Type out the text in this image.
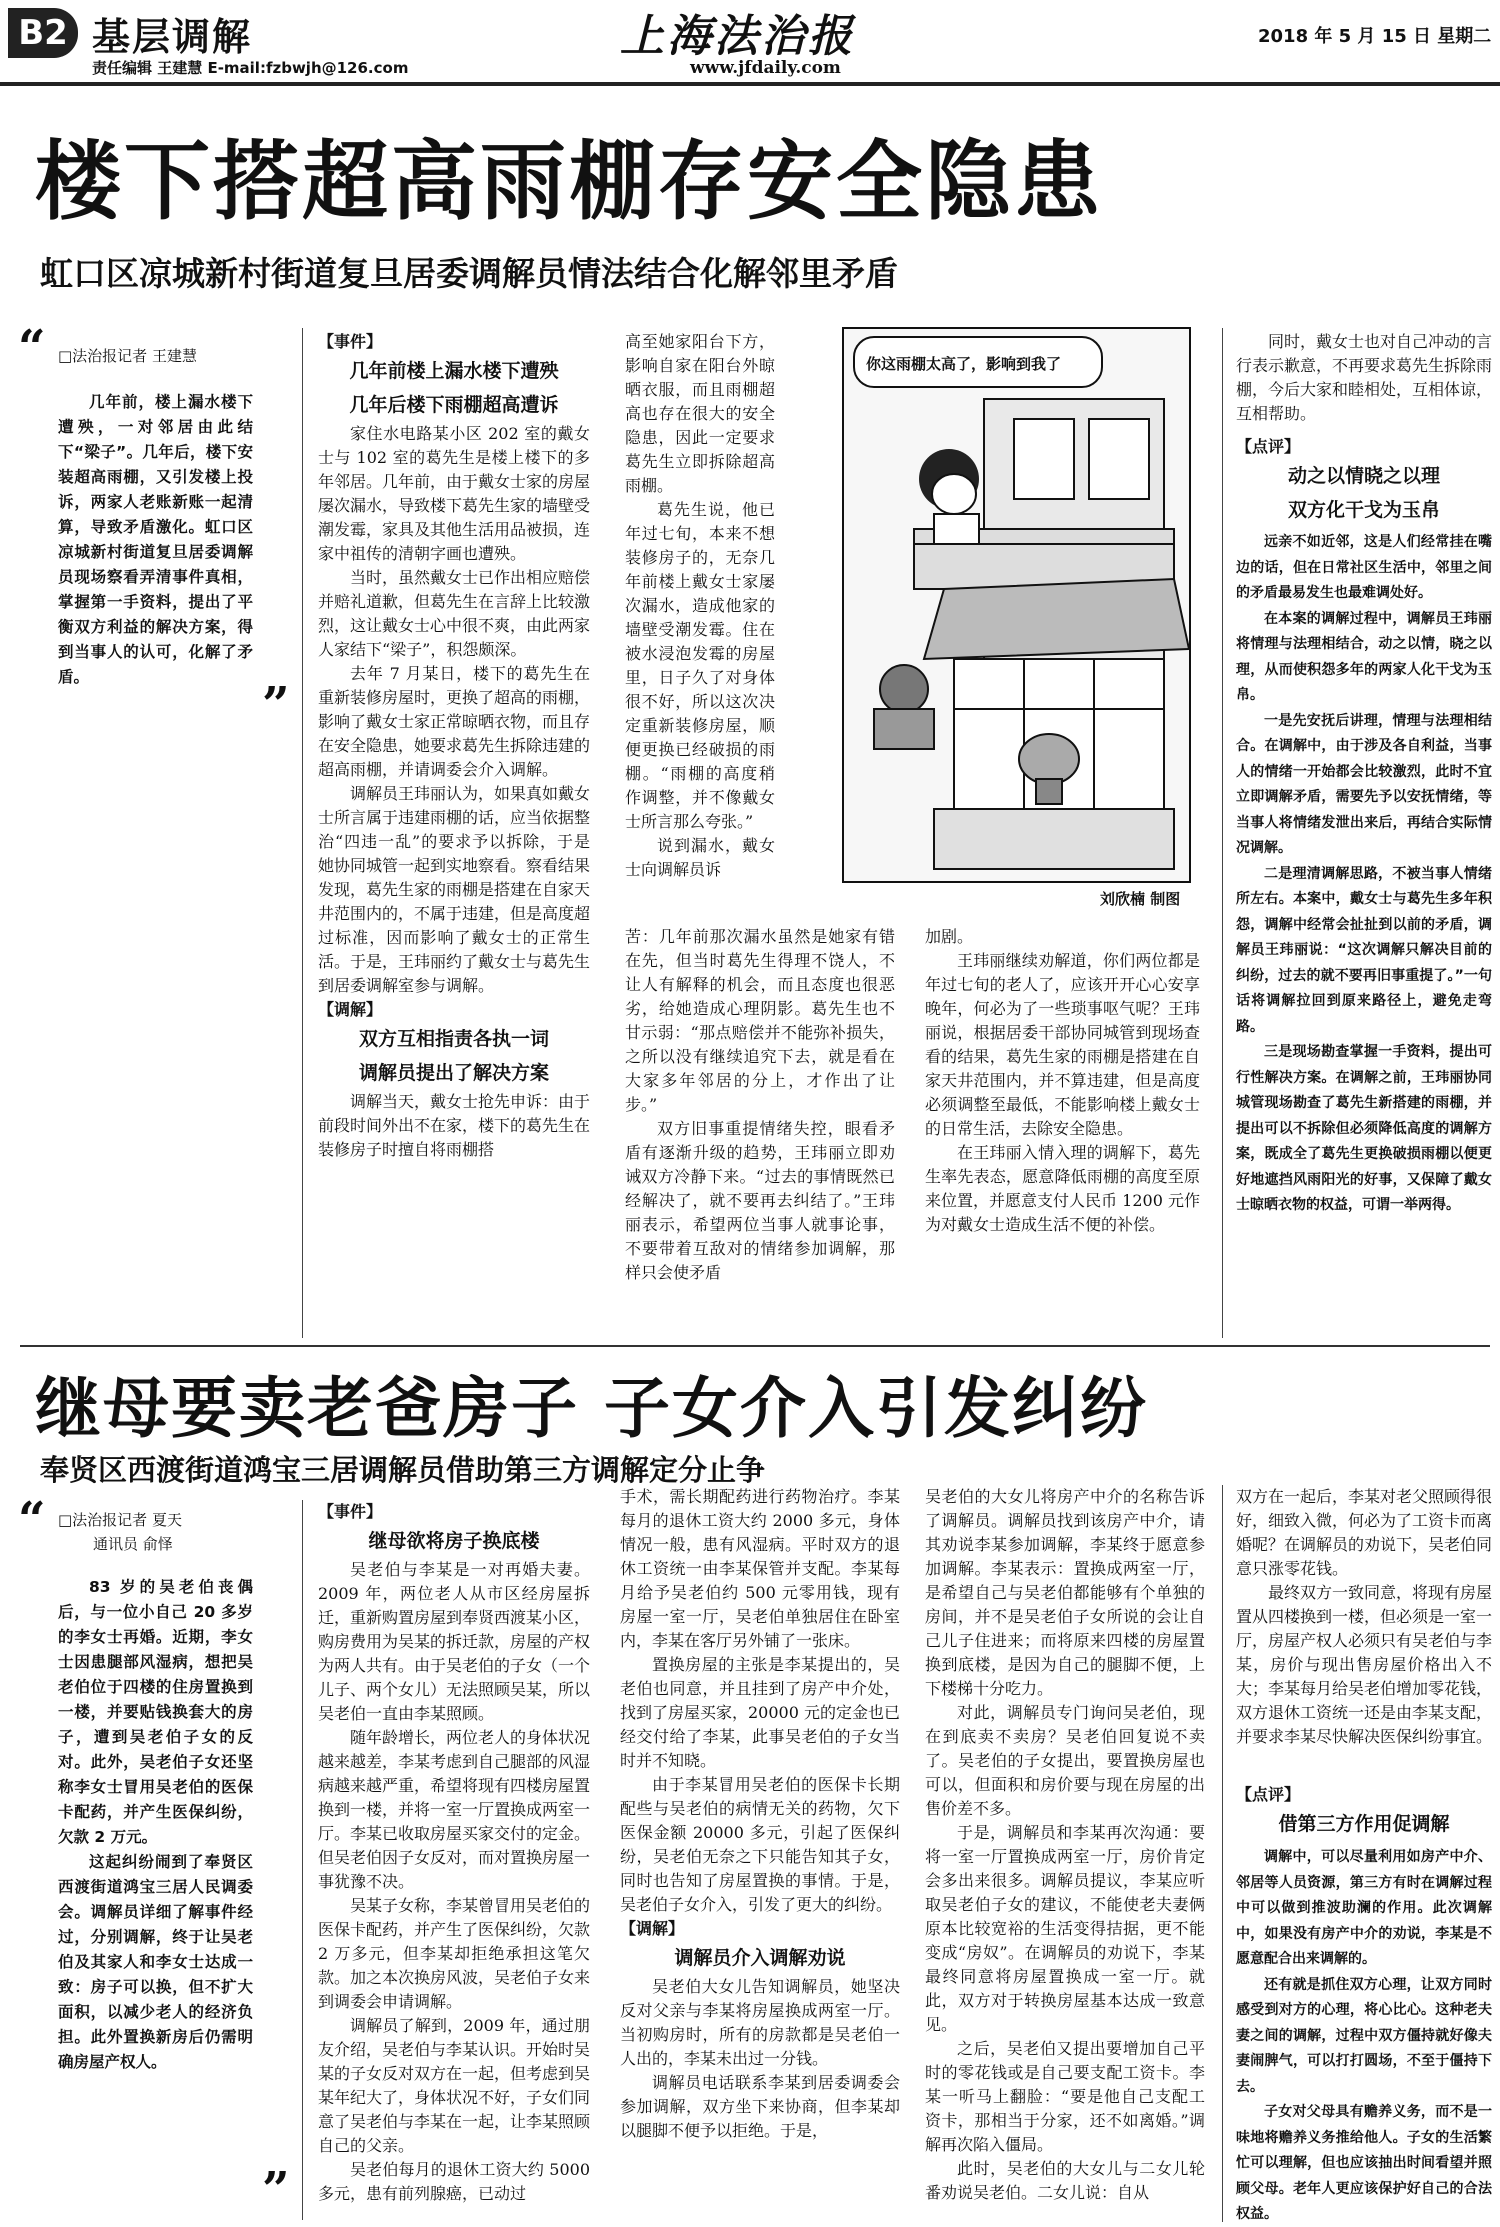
B2 基层调解
责任编辑 王建慧 E-mail:fzbwjh@126.com
上海法治报
www.jfdaily.com
2018 年 5 月 15 日 星期二
楼下搭超高雨棚存安全隐患
虹口区凉城新村街道复旦居委调解员情法结合化解邻里矛盾
“ □法治报记者 王建慧

几年前，楼上漏水楼下遭殃，一对邻居由此结下“梁子”。几年后，楼下安装超高雨棚，又引发楼上投诉，两家人老账新账一起清算，导致矛盾激化。虹口区凉城新村街道复旦居委调解员现场察看弄清事件真相，掌握第一手资料，提出了平衡双方利益的解决方案，得到当事人的认可，化解了矛盾。	”

【事件】

几年前楼上漏水楼下遭殃

几年后楼下雨棚超高遭诉

家住水电路某小区 202 室的戴女士与 102 室的葛先生是楼上楼下的多年邻居。几年前，由于戴女士家的房屋屡次漏水，导致楼下葛先生家的墙壁受潮发霉，家具及其他生活用品被损，连家中祖传的清朝字画也遭殃。

当时，虽然戴女士已作出相应赔偿并赔礼道歉，但葛先生在言辞上比较激烈，这让戴女士心中很不爽，由此两家人家结下“梁子”，积怨颇深。

去年 7 月某日，楼下的葛先生在重新装修房屋时，更换了超高的雨棚，影响了戴女士家正常晾晒衣物，而且存在安全隐患，她要求葛先生拆除违建的超高雨棚，并请调委会介入调解。

调解员王玮丽认为，如果真如戴女士所言属于违建雨棚的话，应当依据整治“四违一乱”的要求予以拆除，于是她协同城管一起到实地察看。察看结果发现，葛先生家的雨棚是搭建在自家天井范围内的，不属于违建，但是高度超过标准，因而影响了戴女士的正常生活。于是，王玮丽约了戴女士与葛先生到居委调解室参与调解。

【调解】

双方互相指责各执一词

调解员提出了解决方案

调解当天，戴女士抢先申诉：由于前段时间外出不在家，楼下的葛先生在装修房子时擅自将雨棚搭

高至她家阳台下方，影响自家在阳台外晾晒衣服，而且雨棚超高也存在很大的安全隐患，因此一定要求葛先生立即拆除超高雨棚。

葛先生说，他已年过七旬，本来不想装修房子的，无奈几年前楼上戴女士家屡次漏水，造成他家的墙壁受潮发霉。住在被水浸泡发霉的房屋里，日子久了对身体很不好，所以这次决定重新装修房屋，顺便更换已经破损的雨棚。“雨棚的高度稍作调整，并不像戴女士所言那么夸张。”

说到漏水，戴女士向调解员诉

苦：几年前那次漏水虽然是她家有错在先，但当时葛先生得理不饶人，不让人有解释的机会，而且态度也很恶劣，给她造成心理阴影。葛先生也不甘示弱：“那点赔偿并不能弥补损失，之所以没有继续追究下去，就是看在大家多年邻居的分上，才作出了让步。”

双方旧事重提情绪失控，眼看矛盾有逐渐升级的趋势，王玮丽立即劝诫双方冷静下来。“过去的事情既然已经解决了，就不要再去纠结了。”王玮丽表示，希望两位当事人就事论事，不要带着互敌对的情绪参加调解，那样只会使矛盾

加剧。

王玮丽继续劝解道，你们两位都是年过七旬的老人了，应该开开心心安享晚年，何必为了一些琐事呕气呢？王玮丽说，根据居委干部协同城管到现场查看的结果，葛先生家的雨棚是搭建在自家天井范围内，并不算违建，但是高度必须调整至最低，不能影响楼上戴女士的日常生活，去除安全隐患。

在王玮丽入情入理的调解下，葛先生率先表态，愿意降低雨棚的高度至原来位置，并愿意支付人民币 1200 元作为对戴女士造成生活不便的补偿。

你这雨棚太高了，影响到我了
刘欣楠 制图

同时，戴女士也对自己冲动的言行表示歉意，不再要求葛先生拆除雨棚，今后大家和睦相处，互相体谅，互相帮助。

【点评】
动之以情晓之以理
双方化干戈为玉帛

远亲不如近邻，这是人们经常挂在嘴边的话，但在日常社区生活中，邻里之间的矛盾最易发生也最难调处好。

在本案的调解过程中，调解员王玮丽将情理与法理相结合，动之以情，晓之以理，从而使积怨多年的两家人化干戈为玉帛。

一是先安抚后讲理，情理与法理相结合。在调解中，由于涉及各自利益，当事人的情绪一开始都会比较激烈，此时不宜立即调解矛盾，需要先予以安抚情绪，等当事人将情绪发泄出来后，再结合实际情况调解。

二是理清调解思路，不被当事人情绪所左右。本案中，戴女士与葛先生多年积怨，调解中经常会扯扯到以前的矛盾，调解员王玮丽说：“这次调解只解决目前的纠纷，过去的就不要再旧事重提了。”一句话将调解拉回到原来路径上，避免走弯路。

三是现场勘查掌握一手资料，提出可行性解决方案。在调解之前，王玮丽协同城管现场勘查了葛先生新搭建的雨棚，并提出可以不拆除但必须降低高度的调解方案，既成全了葛先生更换破损雨棚以便更好地遮挡风雨阳光的好事，又保障了戴女士晾晒衣物的权益，可谓一举两得。

继母要卖老爸房子 子女介入引发纠纷
奉贤区西渡街道鸿宝三居调解员借助第三方调解定分止争
“ □法治报记者 夏天
通讯员 俞怿

83 岁的吴老伯丧偶后，与一位小自己 20 多岁的李女士再婚。近期，李女士因患腿部风湿病，想把吴老伯位于四楼的住房置换到一楼，并要贴钱换套大的房子，遭到吴老伯子女的反对。此外，吴老伯子女还坚称李女士冒用吴老伯的医保卡配药，并产生医保纠纷，欠款 2 万元。

这起纠纷闹到了奉贤区西渡街道鸿宝三居人民调委会。调解员详细了解事件经过，分别调解，终于让吴老伯及其家人和李女士达成一致：房子可以换，但不扩大面积，以减少老人的经济负担。此外置换新房后仍需明确房屋产权人。

”

【事件】

继母欲将房子换底楼

吴老伯与李某是一对再婚夫妻。2009 年，两位老人从市区经房屋拆迁，重新购置房屋到奉贤西渡某小区，购房费用为吴某的拆迁款，房屋的产权为两人共有。由于吴老伯的子女（一个儿子、两个女儿）无法照顾吴某，所以吴老伯一直由李某照顾。

随年龄增长，两位老人的身体状况越来越差，李某考虑到自己腿部的风湿病越来越严重，希望将现有四楼房屋置换到一楼，并将一室一厅置换成两室一厅。李某已收取房屋买家交付的定金。但吴老伯因子女反对，而对置换房屋一事犹豫不决。

吴某子女称，李某曾冒用吴老伯的医保卡配药，并产生了医保纠纷，欠款 2 万多元，但李某却拒绝承担这笔欠款。加之本次换房风波，吴老伯子女来到调委会申请调解。

调解员了解到，2009 年，通过朋友介绍，吴老伯与李某认识。开始时吴某的子女反对双方在一起，但考虑到吴某年纪大了，身体状况不好，子女们同意了吴老伯与李某在一起，让李某照顾自己的父亲。

吴老伯每月的退休工资大约 5000 多元，患有前列腺癌，已动过

手术，需长期配药进行药物治疗。李某每月的退休工资大约 2000 多元，身体情况一般，患有风湿病。平时双方的退休工资统一由李某保管并支配。李某每月给予吴老伯约 500 元零用钱，现有房屋一室一厅，吴老伯单独居住在卧室内，李某在客厅另外铺了一张床。

置换房屋的主张是李某提出的，吴老伯也同意，并且挂到了房产中介处，找到了房屋买家，20000 元的定金也已经交付给了李某，此事吴老伯的子女当时并不知晓。

由于李某冒用吴老伯的医保卡长期配些与吴老伯的病情无关的药物，欠下医保金额 20000 多元，引起了医保纠纷，吴老伯无奈之下只能告知其子女，同时也告知了房屋置换的事情。于是，吴老伯子女介入，引发了更大的纠纷。

【调解】

调解员介入调解劝说

吴老伯大女儿告知调解员，她坚决反对父亲与李某将房屋换成两室一厅。当初购房时，所有的房款都是吴老伯一人出的，李某未出过一分钱。

调解员电话联系李某到居委调委会参加调解，双方坐下来协商，但李某却以腿脚不便予以拒绝。于是，

吴老伯的大女儿将房产中介的名称告诉了调解员。调解员找到该房产中介，请其劝说李某参加调解，李某终于愿意参加调解。李某表示：置换成两室一厅，是希望自己与吴老伯都能够有个单独的房间，并不是吴老伯子女所说的会让自己儿子住进来；而将原来四楼的房屋置换到底楼，是因为自己的腿脚不便，上下楼梯十分吃力。

对此，调解员专门询问吴老伯，现在到底卖不卖房？吴老伯回复说不卖了。吴老伯的子女提出，要置换房屋也可以，但面积和房价要与现在房屋的出售价差不多。

于是，调解员和李某再次沟通：要将一室一厅置换成两室一厅，房价肯定会多出来很多。调解员提议，李某应听取吴老伯子女的建议，不能使老夫妻俩原本比较宽裕的生活变得拮据，更不能变成“房奴”。在调解员的劝说下，李某最终同意将房屋置换成一室一厅。就此，双方对于转换房屋基本达成一致意见。

之后，吴老伯又提出要增加自己平时的零花钱或是自己要支配工资卡。李某一听马上翻脸：“要是他自己支配工资卡，那相当于分家，还不如离婚。”调解再次陷入僵局。

此时，吴老伯的大女儿与二女儿轮番劝说吴老伯。二女儿说：自从

双方在一起后，李某对老父照顾得很好，细致入微，何必为了工资卡而离婚呢？在调解员的劝说下，吴老伯同意只涨零花钱。

最终双方一致同意，将现有房屋置从四楼换到一楼，但必须是一室一厅，房屋产权人必须只有吴老伯与李某，房价与现出售房屋价格出入不大；李某每月给吴老伯增加零花钱，双方退休工资统一还是由李某支配，并要求李某尽快解决医保纠纷事宜。

【点评】
借第三方作用促调解

调解中，可以尽量利用如房产中介、邻居等人员资源，第三方有时在调解过程中可以做到推波助澜的作用。此次调解中，如果没有房产中介的劝说，李某是不愿意配合出来调解的。

还有就是抓住双方心理，让双方同时感受到对方的心理，将心比心。这种老夫妻之间的调解，过程中双方僵持就好像夫妻闹脾气，可以打打圆场，不至于僵持下去。

子女对父母具有赡养义务，而不是一味地将赡养义务推给他人。子女的生活繁忙可以理解，但也应该抽出时间看望并照顾父母。老年人更应该保护好自己的合法权益。
